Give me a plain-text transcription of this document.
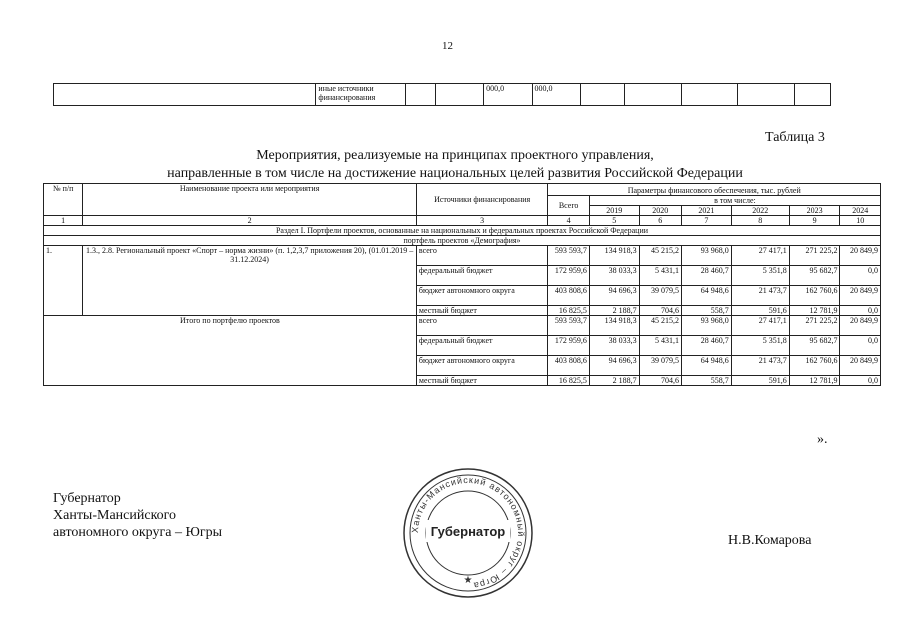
12
	иные источники финансирования			000,0	000,0					
Таблица 3
Мероприятия, реализуемые на принципах проектного управления,
направленные в том числе на достижение национальных целей развития Российской Федерации
№ п/п	Наименование проекта или мероприятия	Источники финансирования	Параметры финансового обеспечения, тыс. рублей						
			Всего	в том числе:					
				2019	2020	2021	2022	2023	2024
1	2	3	4	5	6	7	8	9	10
Раздел I. Портфели проектов, основанные на национальных и федеральных проектах Российской Федерации									
портфель проектов «Демография»									
1.	1.3., 2.8. Региональный проект «Спорт – норма жизни» (п. 1,2,3,7 приложения 20), (01.01.2019 – 31.12.2024)	всего	593 593,7	134 918,3	45 215,2	93 968,0	27 417,1	271 225,2	20 849,9
		федеральный бюджет	172 959,6	38 033,3	5 431,1	28 460,7	5 351,8	95 682,7	0,0
		бюджет автономного округа	403 808,6	94 696,3	39 079,5	64 948,6	21 473,7	162 760,6	20 849,9
		местный бюджет	16 825,5	2 188,7	704,6	558,7	591,6	12 781,9	0,0
Итого по портфелю проектов		всего	593 593,7	134 918,3	45 215,2	93 968,0	27 417,1	271 225,2	20 849,9
		федеральный бюджет	172 959,6	38 033,3	5 431,1	28 460,7	5 351,8	95 682,7	0,0
		бюджет автономного округа	403 808,6	94 696,3	39 079,5	64 948,6	21 473,7	162 760,6	20 849,9
		местный бюджет	16 825,5	2 188,7	704,6	558,7	591,6	12 781,9	0,0
».
Губернатор
Ханты-Мансийского
автономного округа – Югры
Н.В.Комарова
Ханты-Мансийский автономный округ – Югра
Губернатор
★
